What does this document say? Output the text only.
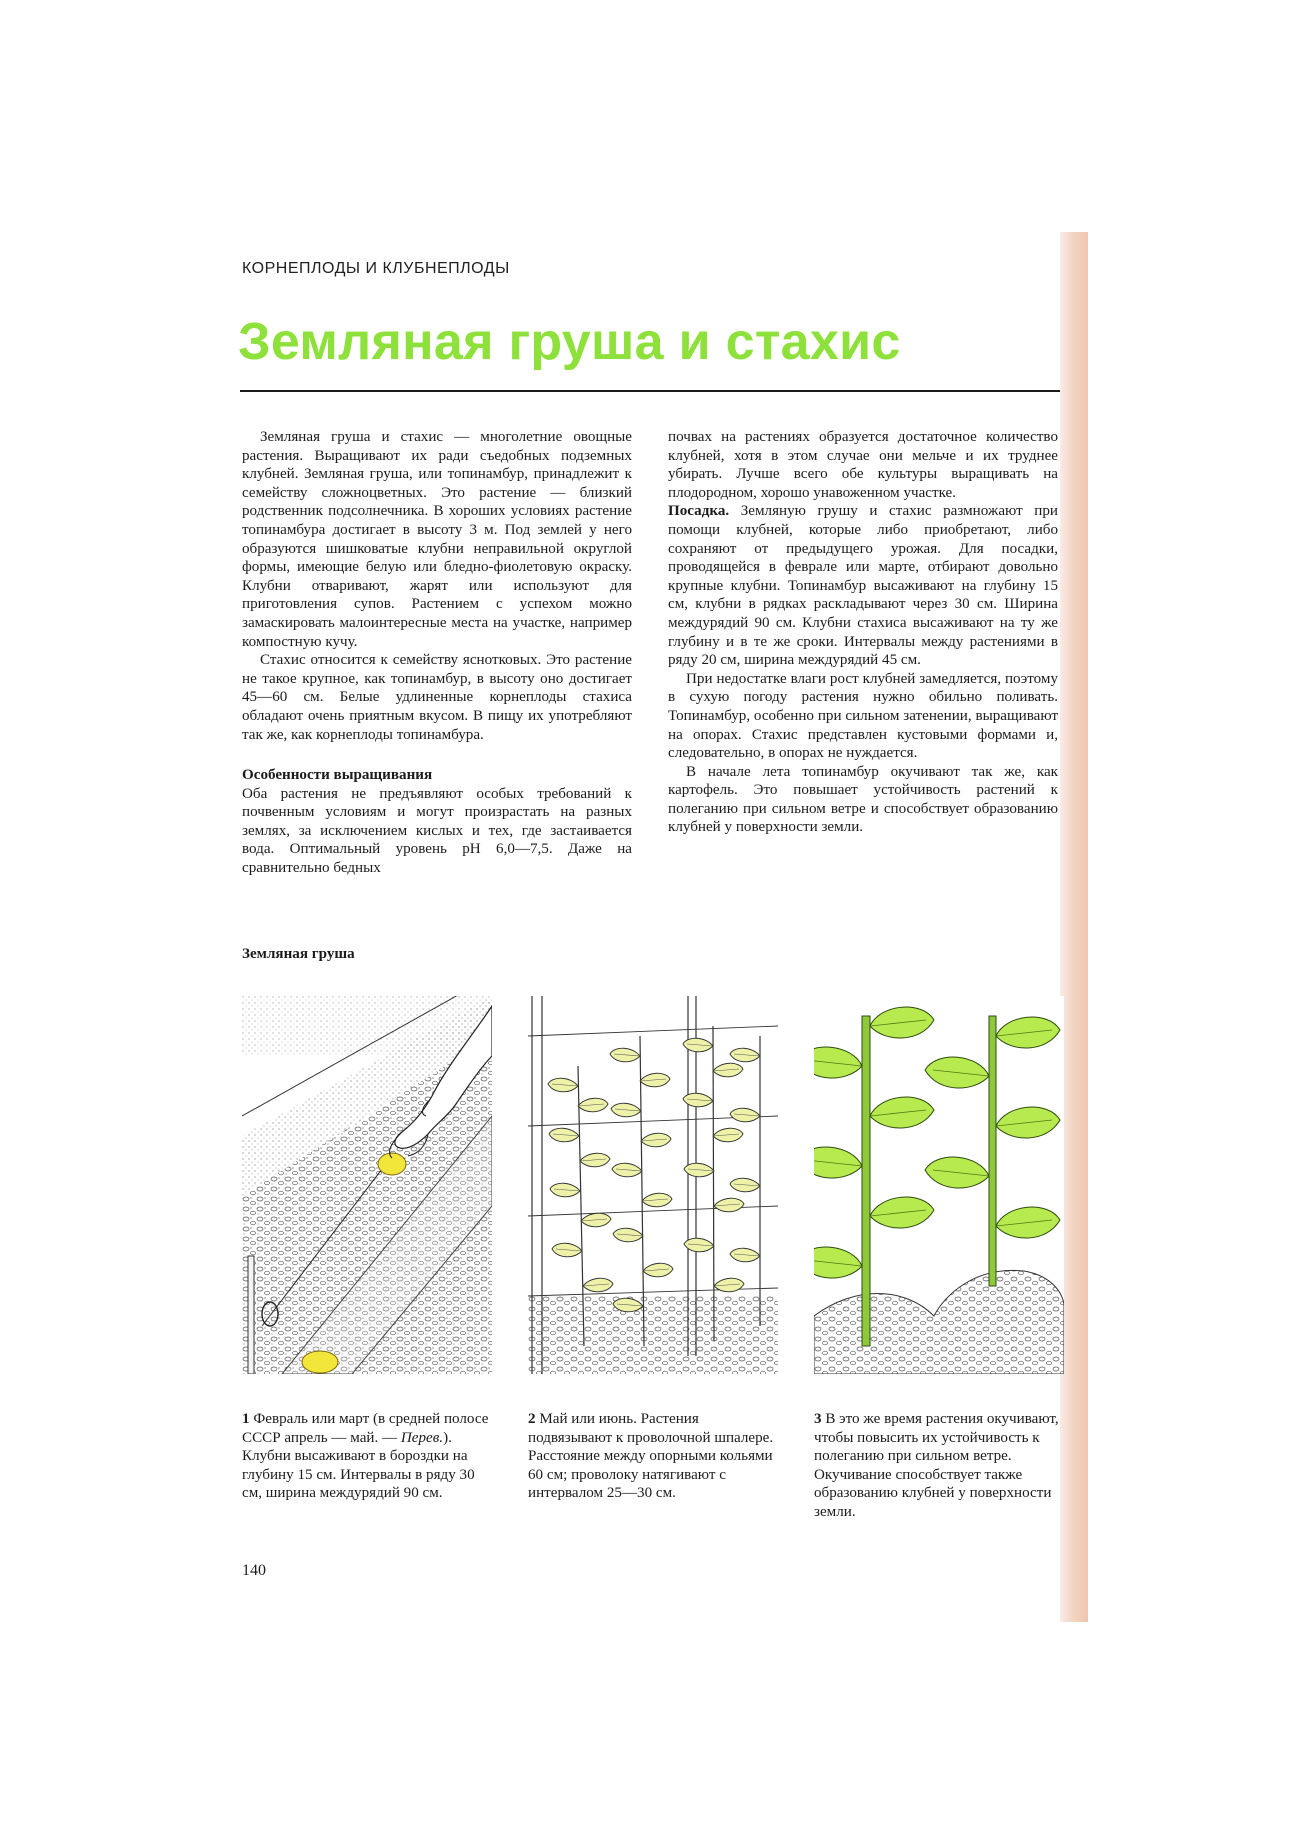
КОРНЕПЛОДЫ И КЛУБНЕПЛОДЫ
Земляная груша и стахис

Земляная груша и стахис — многолетние овощные растения. Выращивают их ради съедобных подземных клубней. Земляная груша, или топинамбур, принадлежит к семейству сложноцветных. Это растение — близкий родственник подсолнечника. В хороших условиях растение топинамбура достигает в высоту 3 м. Под землей у него образуются шишковатые клубни неправильной округлой формы, имеющие белую или бледно-фиолетовую окраску. Клубни отваривают, жарят или используют для приготовления супов. Растением с успехом можно замаскировать малоинтересные места на участке, например компостную кучу.

Стахис относится к семейству яснотковых. Это растение не такое крупное, как топинамбур, в высоту оно достигает 45—60 см. Белые удлиненные корнеплоды стахиса обладают очень приятным вкусом. В пищу их употребляют так же, как корнеплоды топинамбура.

Особенности выращивания

Оба растения не предъявляют особых требований к почвенным условиям и могут произрастать на разных землях, за исключением кислых и тех, где застаивается вода. Оптимальный уровень pH 6,0—7,5. Даже на сравнительно бедных

почвах на растениях образуется достаточное количество клубней, хотя в этом случае они мельче и их труднее убирать. Лучше всего обе культуры выращивать на плодородном, хорошо унавоженном участке.

Посадка. Земляную грушу и стахис размножают при помощи клубней, которые либо приобретают, либо сохраняют от предыдущего урожая. Для посадки, проводящейся в феврале или марте, отбирают довольно крупные клубни. Топинамбур высаживают на глубину 15 см, клубни в рядках раскладывают через 30 см. Ширина междурядий 90 см. Клубни стахиса высаживают на ту же глубину и в те же сроки. Интервалы между растениями в ряду 20 см, ширина междурядий 45 см.

При недостатке влаги рост клубней замедляется, поэтому в сухую погоду растения нужно обильно поливать. Топинамбур, особенно при сильном затенении, выращивают на опорах. Стахис представлен кустовыми формами и, следовательно, в опорах не нуждается.

В начале лета топинамбур окучивают так же, как картофель. Это повышает устойчивость растений к полеганию при сильном ветре и способствует образованию клубней у поверхности земли.

Земляная груша
1 Февраль или март (в средней полосе СССР апрель — май. — Перев.). Клубни высаживают в бороздки на глубину 15 см. Интервалы в ряду 30 см, ширина междурядий 90 см.
2 Май или июнь. Растения подвязывают к проволочной шпалере. Расстояние между опорными кольями 60 см; проволоку натягивают с интервалом 25—30 см.
3 В это же время растения окучивают, чтобы повысить их устойчивость к полеганию при сильном ветре. Окучивание способствует также образованию клубней у поверхности земли.
140
